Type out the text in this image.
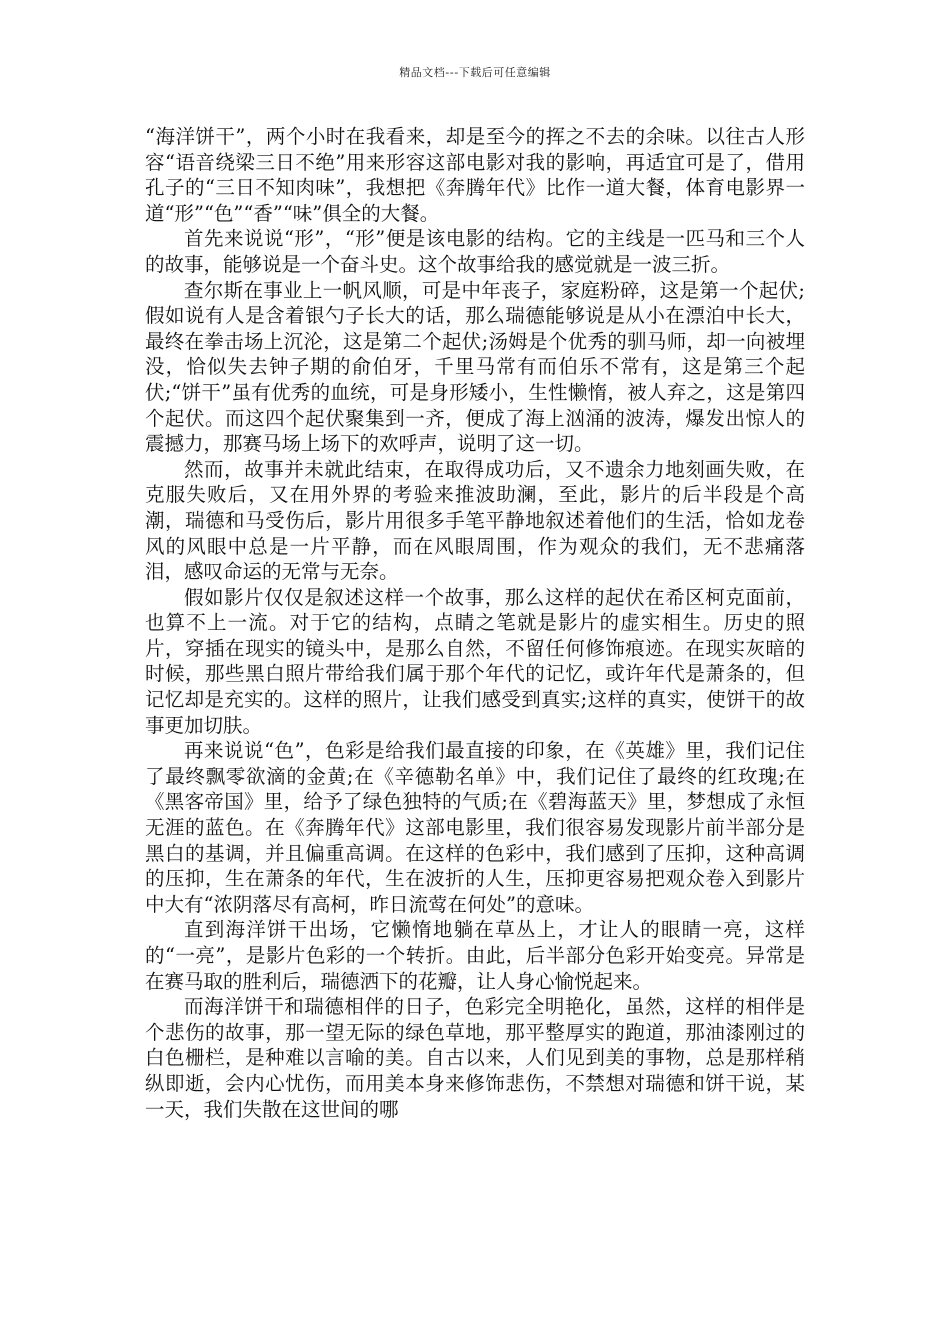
精品文档---下载后可任意编辑

“海洋饼干”，两个小时在我看来，却是至今的挥之不去的余味。以往古人形容“语音绕梁三日不绝”用来形容这部电影对我的影响，再适宜可是了，借用孔子的“三日不知肉味”，我想把《奔腾年代》比作一道大餐，体育电影界一道“形”“色”“香”“味”俱全的大餐。

首先来说说“形”，“形”便是该电影的结构。它的主线是一匹马和三个人的故事，能够说是一个奋斗史。这个故事给我的感觉就是一波三折。

查尔斯在事业上一帆风顺，可是中年丧子，家庭粉碎，这是第一个起伏;假如说有人是含着银勺子长大的话，那么瑞德能够说是从小在漂泊中长大，最终在拳击场上沉沦，这是第二个起伏;汤姆是个优秀的驯马师，却一向被埋没，恰似失去钟子期的俞伯牙，千里马常有而伯乐不常有，这是第三个起伏;“饼干”虽有优秀的血统，可是身形矮小，生性懒惰，被人弃之，这是第四个起伏。而这四个起伏聚集到一齐，便成了海上汹涌的波涛，爆发出惊人的震撼力，那赛马场上场下的欢呼声，说明了这一切。

然而，故事并未就此结束，在取得成功后，又不遗余力地刻画失败，在克服失败后，又在用外界的考验来推波助澜，至此，影片的后半段是个高潮，瑞德和马受伤后，影片用很多手笔平静地叙述着他们的生活，恰如龙卷风的风眼中总是一片平静，而在风眼周围，作为观众的我们，无不悲痛落泪，感叹命运的无常与无奈。

假如影片仅仅是叙述这样一个故事，那么这样的起伏在希区柯克面前，也算不上一流。对于它的结构，点睛之笔就是影片的虚实相生。历史的照片，穿插在现实的镜头中，是那么自然，不留任何修饰痕迹。在现实灰暗的时候，那些黑白照片带给我们属于那个年代的记忆，或许年代是萧条的，但记忆却是充实的。这样的照片，让我们感受到真实;这样的真实，使饼干的故事更加切肤。

再来说说“色”，色彩是给我们最直接的印象，在《英雄》里，我们记住了最终飘零欲滴的金黄;在《辛德勒名单》中，我们记住了最终的红玫瑰;在《黑客帝国》里，给予了绿色独特的气质;在《碧海蓝天》里，梦想成了永恒无涯的蓝色。在《奔腾年代》这部电影里，我们很容易发现影片前半部分是黑白的基调，并且偏重高调。在这样的色彩中，我们感到了压抑，这种高调的压抑，生在萧条的年代，生在波折的人生，压抑更容易把观众卷入到影片中大有“浓阴落尽有高柯，昨日流莺在何处”的意味。

直到海洋饼干出场，它懒惰地躺在草丛上，才让人的眼睛一亮，这样的“一亮”，是影片色彩的一个转折。由此，后半部分色彩开始变亮。异常是在赛马取的胜利后，瑞德洒下的花瓣，让人身心愉悦起来。

而海洋饼干和瑞德相伴的日子，色彩完全明艳化，虽然，这样的相伴是个悲伤的故事，那一望无际的绿色草地，那平整厚实的跑道，那油漆刚过的白色栅栏，是种难以言喻的美。自古以来，人们见到美的事物，总是那样稍纵即逝，会内心忧伤，而用美本身来修饰悲伤，不禁想对瑞德和饼干说，某一天，我们失散在这世间的哪
